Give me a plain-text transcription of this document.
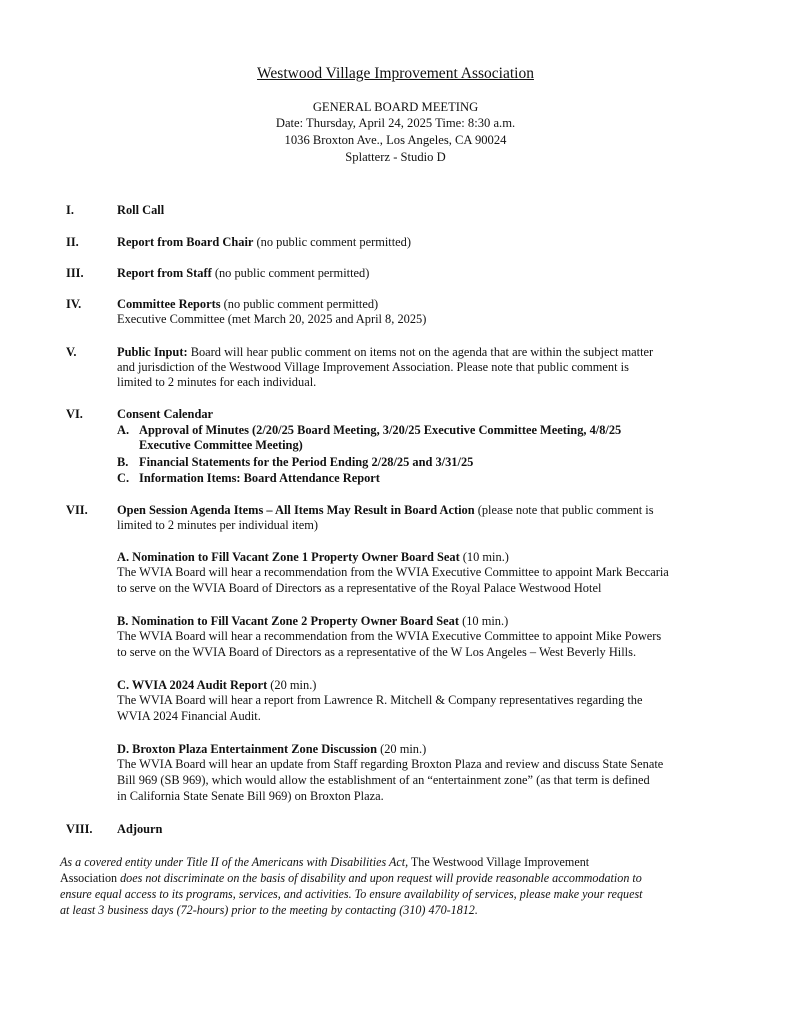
Westwood Village Improvement Association
GENERAL BOARD MEETING
Date: Thursday, April 24, 2025 Time: 8:30 a.m.
1036 Broxton Ave., Los Angeles, CA 90024
Splatterz - Studio D
I.	Roll Call
II.	Report from Board Chair (no public comment permitted)
III.	Report from Staff (no public comment permitted)
IV.	Committee Reports (no public comment permitted)
Executive Committee (met March 20, 2025 and April 8, 2025)
V.	Public Input: Board will hear public comment on items not on the agenda that are within the subject matter
and jurisdiction of the Westwood Village Improvement Association. Please note that public comment is
limited to 2 minutes for each individual.
VI.	Consent Calendar
A. Approval of Minutes (2/20/25 Board Meeting, 3/20/25 Executive Committee Meeting, 4/8/25
Executive Committee Meeting)
B. Financial Statements for the Period Ending 2/28/25 and 3/31/25
C. Information Items: Board Attendance Report
VII. Open Session Agenda Items – All Items May Result in Board Action (please note that public comment is
limited to 2 minutes per individual item)
A. Nomination to Fill Vacant Zone 1 Property Owner Board Seat (10 min.)
The WVIA Board will hear a recommendation from the WVIA Executive Committee to appoint Mark Beccaria
to serve on the WVIA Board of Directors as a representative of the Royal Palace Westwood Hotel
B. Nomination to Fill Vacant Zone 2 Property Owner Board Seat (10 min.)
The WVIA Board will hear a recommendation from the WVIA Executive Committee to appoint Mike Powers
to serve on the WVIA Board of Directors as a representative of the W Los Angeles – West Beverly Hills.
C. WVIA 2024 Audit Report (20 min.)
The WVIA Board will hear a report from Lawrence R. Mitchell & Company representatives regarding the
WVIA 2024 Financial Audit.
D. Broxton Plaza Entertainment Zone Discussion (20 min.)
The WVIA Board will hear an update from Staff regarding Broxton Plaza and review and discuss State Senate
Bill 969 (SB 969), which would allow the establishment of an “entertainment zone” (as that term is defined
in California State Senate Bill 969) on Broxton Plaza.
VIII. Adjourn
As a covered entity under Title II of the Americans with Disabilities Act, The Westwood Village Improvement
Association does not discriminate on the basis of disability and upon request will provide reasonable accommodation to
ensure equal access to its programs, services, and activities. To ensure availability of services, please make your request
at least 3 business days (72-hours) prior to the meeting by contacting (310) 470-1812.
